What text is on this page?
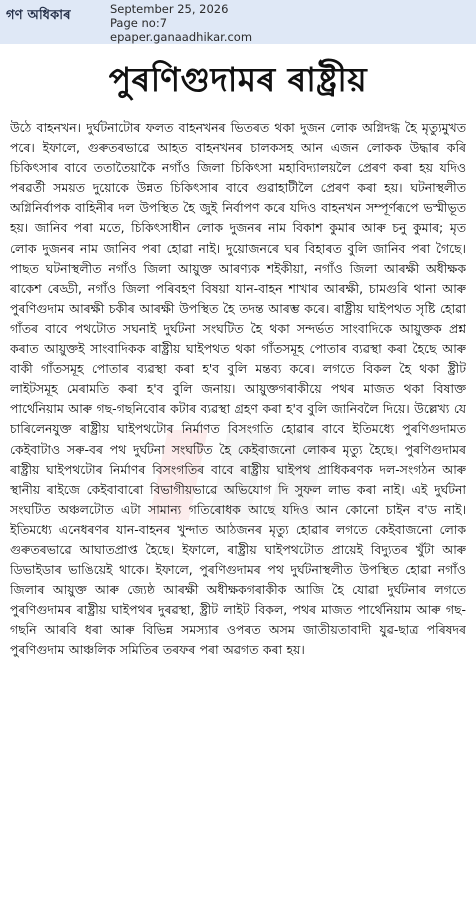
গণ অধিকাৰ	September 25, 2026
Page no:7
epaper.ganaadhikar.com
পুৰণিগুদামৰ ৰাষ্ট্ৰীয়

উঠে বাহনখন। দুৰ্ঘটনাটোৰ ফলত বাহনখনৰ ভিতৰত থকা দুজন লোক অগ্নিদগ্ধ হৈ মৃত্যুমুখত পৰে। ইফালে, গুৰুতৰভাৱে আহত বাহনখনৰ চালকসহ আন এজন লোকক উদ্ধাৰ কৰি চিকিৎসাৰ বাবে ততাতৈয়াকৈ নগাঁও জিলা চিকিৎসা মহাবিদ্যালয়লৈ প্ৰেৰণ কৰা হয় যদিও পৰৱৰ্তী সময়ত দুয়োকে উন্নত চিকিৎসাৰ বাবে গুৱাহাটীলৈ প্ৰেৰণ কৰা হয়। ঘটনাস্থলীত অগ্নিনিৰ্বাপক বাহিনীৰ দল উপস্থিত হৈ জুই নিৰ্বাপণ কৰে যদিও বাহনখন সম্পূৰ্ণৰূপে ভস্মীভূত হয়। জানিব পৰা মতে, চিকিৎসাধীন লোক দুজনৰ নাম বিকাশ কুমাৰ আৰু চনু কুমাৰ; মৃত লোক দুজনৰ নাম জানিব পৰা হোৱা নাই। দুয়োজনৰে ঘৰ বিহাৰত বুলি জানিব পৰা গৈছে। পাছত ঘটনাস্থলীত নগাঁও জিলা আয়ুক্ত আৰণ্যক শইকীয়া, নগাঁও জিলা আৰক্ষী অধীক্ষক ৰাকেশ ৰেড্ডী, নগাঁও জিলা পৰিবহণ বিষয়া যান-বাহন শাখাৰ আৰক্ষী, চামগুৰি থানা আৰু পুৰণিগুদাম আৰক্ষী চকীৰ আৰক্ষী উপস্থিত হৈ তদন্ত আৰম্ভ কৰে। ৰাষ্ট্ৰীয় ঘাইপথত সৃষ্টি হোৱা গাঁতৰ বাবে পথটোত সঘনাই দুৰ্ঘটনা সংঘটিত হৈ থকা সন্দৰ্ভত সাংবাদিকে আয়ুক্তক প্ৰশ্ন কৰাত আয়ুক্তই সাংবাদিকক ৰাষ্ট্ৰীয় ঘাইপথত থকা গাঁতসমূহ পোতাৰ ব্যৱস্থা কৰা হৈছে আৰু বাকী গাঁতসমূহ পোতাৰ ব্যৱস্থা কৰা হ'ব বুলি মন্তব্য কৰে। লগতে বিকল হৈ থকা ষ্ট্ৰীট লাইটসমূহ মেৰামতি কৰা হ'ব বুলি জনায়। আয়ুক্তগৰাকীয়ে পথৰ মাজত থকা বিষাক্ত পাৰ্থেনিয়াম আৰু গছ-গছনিবোৰ কটাৰ ব্যৱস্থা গ্ৰহণ কৰা হ'ব বুলি জানিবলৈ দিয়ে। উল্লেখ্য যে চাৰিলেনযুক্ত ৰাষ্ট্ৰীয় ঘাইপথটোৰ নিৰ্মাণত বিসংগতি হোৱাৰ বাবে ইতিমধ্যে পুৰণিগুদামত কেইবাটাও সৰু-বৰ পথ দুৰ্ঘটনা সংঘটিত হৈ কেইবাজনো লোকৰ মৃত্যু হৈছে। পুৰণিগুদামৰ ৰাষ্ট্ৰীয় ঘাইপথটোৰ নিৰ্মাণৰ বিসংগতিৰ বাবে ৰাষ্ট্ৰীয় ঘাইপথ প্ৰাধিকৰণক দল-সংগঠন আৰু স্থানীয় ৰাইজে কেইবাবাৰো বিভাগীয়ভাৱে অভিযোগ দি সুফল লাভ কৰা নাই। এই দুৰ্ঘটনা সংঘটিত অঞ্চলটোত এটা সামান্য গতিৰোধক আছে যদিও আন কোনো চাইন ব'ড নাই। ইতিমধ্যে এনেধৰণৰ যান-বাহনৰ খুন্দাত আঠজনৰ মৃত্যু হোৱাৰ লগতে কেইবাজনো লোক গুৰুতৰভাৱে আঘাতপ্ৰাপ্ত হৈছে। ইফালে, ৰাষ্ট্ৰীয় ঘাইপথটোত প্ৰায়েই বিদ্যুতৰ খুঁটা আৰু ডিভাইডাৰ ভাঙিয়েই থাকে। ইফালে, পুৰণিগুদামৰ পথ দুৰ্ঘটনাস্থলীত উপস্থিত হোৱা নগাঁও জিলাৰ আয়ুক্ত আৰু জ্যেষ্ঠ আৰক্ষী অধীক্ষকগৰাকীক আজি হৈ যোৱা দুৰ্ঘটনাৰ লগতে পুৰণিগুদামৰ ৰাষ্ট্ৰীয় ঘাইপথৰ দুৰৱস্থা, ষ্ট্ৰীট লাইট বিকল, পথৰ মাজত পাৰ্থেনিয়াম আৰু গছ-গছনি আৰবি ধৰা আৰু বিভিন্ন সমস্যাৰ ওপৰত অসম জাতীয়তাবাদী যুৱ-ছাত্ৰ পৰিষদৰ পুৰণিগুদাম আঞ্চলিক সমিতিৰ তৰফৰ পৰা অৱগত কৰা হয়।
